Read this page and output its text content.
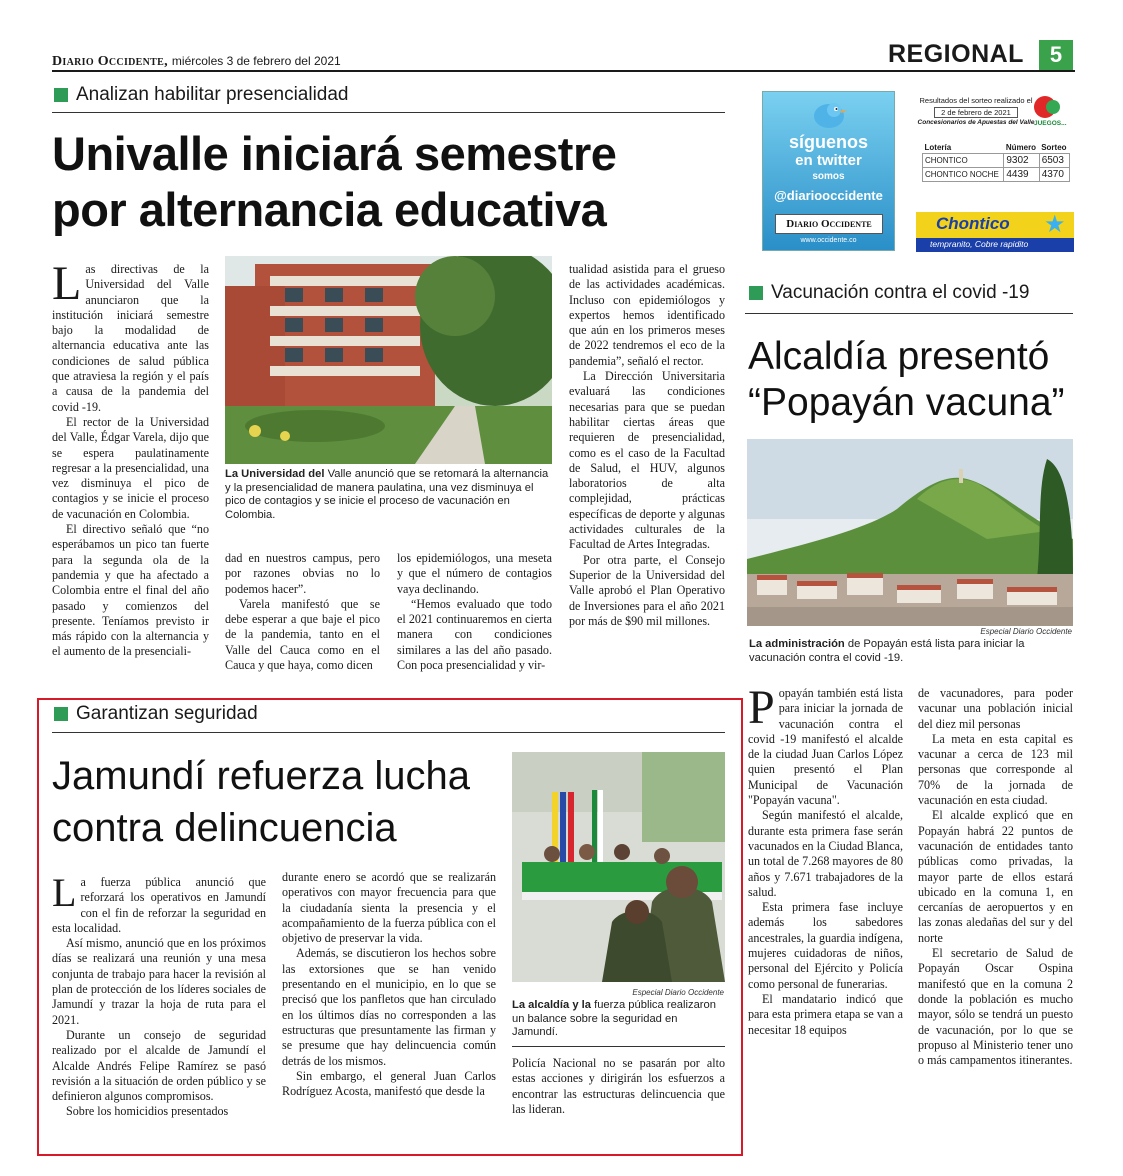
Diario Occidente, miércoles 3 de febrero del 2021	REGIONAL	5
Analizan habilitar presencialidad
Univalle iniciará semestre
por alternancia educativa

Las directivas de la Universidad del Valle anunciaron que la institución iniciará semestre bajo la modalidad de alternancia educativa ante las condiciones de salud pública que atraviesa la región y el país a causa de la pandemia del covid -19.

El rector de la Universidad del Valle, Édgar Varela, dijo que se espera paulatinamente regresar a la presencialidad, una vez disminuya el pico de contagios y se inicie el proceso de vacunación en Colombia.

El directivo señaló que “no esperábamos un pico tan fuerte para la segunda ola de la pandemia y que ha afectado a Colombia entre el final del año pasado y comienzos del presente. Teníamos previsto ir más rápido con la alternancia y el aumento de la presenciali-

La Universidad del Valle anunció que se retomará la alternancia y la presencialidad de manera paulatina, una vez disminuya el pico de contagios y se inicie el proceso de vacunación en Colombia.

dad en nuestros campus, pero por razones obvias no lo podemos hacer”.

Varela manifestó que se debe esperar a que baje el pico de la pandemia, tanto en el Valle del Cauca como en el Cauca y que haya, como dicen

los epidemiólogos, una meseta y que el número de contagios vaya declinando.

“Hemos evaluado que todo el 2021 continuaremos en cierta manera con condiciones similares a las del año pasado. Con poca presencialidad y vir-

tualidad asistida para el grueso de las actividades académicas. Incluso con epidemiólogos y expertos hemos identificado que aún en los primeros meses de 2022 tendremos el eco de la pandemia”, señaló el rector.

La Dirección Universitaria evaluará las condiciones necesarias para que se puedan habilitar ciertas áreas que requieren de presencialidad, como es el caso de la Facultad de Salud, el HUV, algunos laboratorios de alta complejidad, prácticas específicas de deporte y algunas actividades culturales de la Facultad de Artes Integradas.

Por otra parte, el Consejo Superior de la Universidad del Valle aprobó el Plan Operativo de Inversiones para el año 2021 por más de $90 mil millones.

síguenos
en twitter
somos
@diariooccidente
Diario Occidente
www.occidente.co
Resultados del sorteo realizado el
2 de febrero de 2021
Concesionarios de Apuestas del Valle JUEGOS...
Lotería	Número	Sorteo
CHONTICO	9302	6503
CHONTICO NOCHE	4439	4370
Chontico ★
tempranito, Cobre rapidito
Vacunación contra el covid -19
Alcaldía presentó
“Popayán vacuna”
Especial Diario Occidente
La administración de Popayán está lista para iniciar la vacunación contra el covid -19.

Popayán también está lista para iniciar la jornada de vacunación contra el covid -19 manifestó el alcalde de la ciudad Juan Carlos López quien presentó el Plan Municipal de Vacunación "Popayán vacuna".

Según manifestó el alcalde, durante esta primera fase serán vacunados en la Ciudad Blanca, un total de 7.268 mayores de 80 años y 7.671 trabajadores de la salud.

Esta primera fase incluye además los sabedores ancestrales, la guardia indígena, mujeres cuidadoras de niños, personal del Ejército y Policía como personal de funerarias.

El mandatario indicó que para esta primera etapa se van a necesitar 18 equipos

de vacunadores, para poder vacunar una población inicial del diez mil personas

La meta en esta capital es vacunar a cerca de 123 mil personas que corresponde al 70% de la jornada de vacunación en esta ciudad.

El alcalde explicó que en Popayán habrá 22 puntos de vacunación de entidades tanto públicas como privadas, la mayor parte de ellos estará ubicado en la comuna 1, en cercanías de aeropuertos y en las zonas aledañas del sur y del norte

El secretario de Salud de Popayán Oscar Ospina manifestó que en la comuna 2 donde la población es mucho mayor, sólo se tendrá un puesto de vacunación, por lo que se propuso al Ministerio tener uno o más campamentos itinerantes.

Garantizan seguridad
Jamundí refuerza lucha
contra delincuencia

La fuerza pública anunció que reforzará los operativos en Jamundí con el fin de reforzar la seguridad en esta localidad.

Así mismo, anunció que en los próximos días se realizará una reunión y una mesa conjunta de trabajo para hacer la revisión al plan de protección de los líderes sociales de Jamundí y trazar la hoja de ruta para el 2021.

Durante un consejo de seguridad realizado por el alcalde de Jamundí el Alcalde Andrés Felipe Ramírez se pasó revisión a la situación de orden público y se definieron algunos compromisos.

Sobre los homicidios presentados

durante enero se acordó que se realizarán operativos con mayor frecuencia para que la ciudadanía sienta la presencia y el acompañamiento de la fuerza pública con el objetivo de preservar la vida.

Además, se discutieron los hechos sobre las extorsiones que se han venido presentando en el municipio, en lo que se precisó que los panfletos que han circulado en los últimos días no corresponden a las estructuras que presuntamente las firman y se presume que hay delincuencia común detrás de los mismos.

Sin embargo, el general Juan Carlos Rodríguez Acosta, manifestó que desde la

Especial Diario Occidente
La alcaldía y la fuerza pública realizaron un balance sobre la seguridad en Jamundí.

Policía Nacional no se pasarán por alto estas acciones y dirigirán los esfuerzos a encontrar las estructuras delincuencia que las lideran.
